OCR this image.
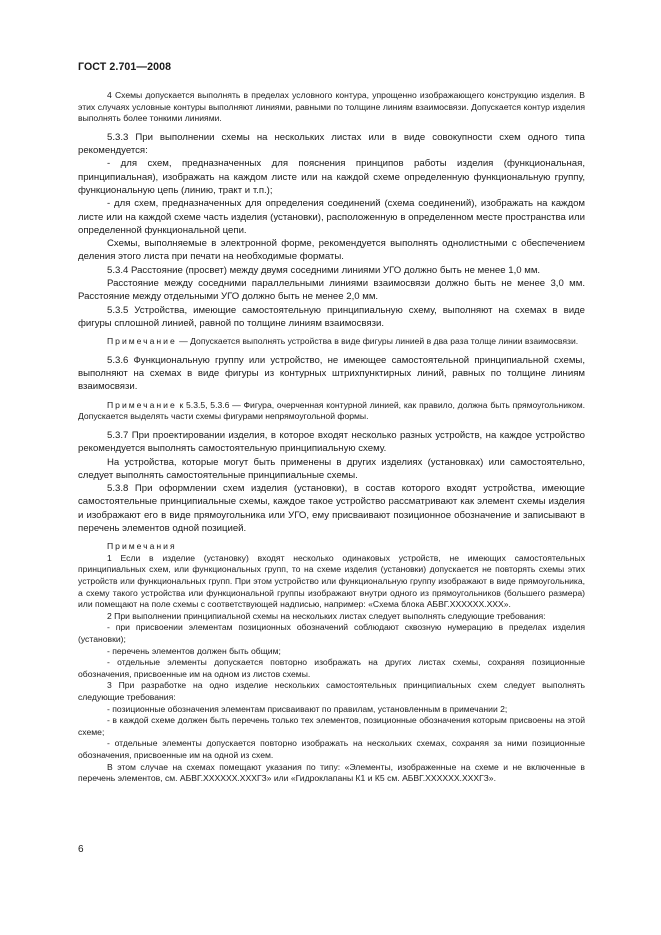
ГОСТ 2.701—2008

4 Схемы допускается выполнять в пределах условного контура, упрощенно изображающего конструкцию изделия. В этих случаях условные контуры выполняют линиями, равными по толщине линиям взаимосвязи. Допускается контур изделия выполнять более тонкими линиями.

5.3.3 При выполнении схемы на нескольких листах или в виде совокупности схем одного типа рекомендуется:

- для схем, предназначенных для пояснения принципов работы изделия (функциональная, принципиальная), изображать на каждом листе или на каждой схеме определенную функциональную группу, функциональную цепь (линию, тракт и т.п.);

- для схем, предназначенных для определения соединений (схема соединений), изображать на каждом листе или на каждой схеме часть изделия (установки), расположенную в определенном месте пространства или определенной функциональной цепи.

Схемы, выполняемые в электронной форме, рекомендуется выполнять однолистными с обеспечением деления этого листа при печати на необходимые форматы.

5.3.4 Расстояние (просвет) между двумя соседними линиями УГО должно быть не менее 1,0 мм.

Расстояние между соседними параллельными линиями взаимосвязи должно быть не менее 3,0 мм. Расстояние между отдельными УГО должно быть не менее 2,0 мм.

5.3.5 Устройства, имеющие самостоятельную принципиальную схему, выполняют на схемах в виде фигуры сплошной линией, равной по толщине линиям взаимосвязи.

Примечание — Допускается выполнять устройства в виде фигуры линией в два раза толще линии взаимосвязи.

5.3.6 Функциональную группу или устройство, не имеющее самостоятельной принципиальной схемы, выполняют на схемах в виде фигуры из контурных штрихпунктирных линий, равных по толщине линиям взаимосвязи.

Примечание к 5.3.5, 5.3.6 — Фигура, очерченная контурной линией, как правило, должна быть прямоугольником. Допускается выделять части схемы фигурами непрямоугольной формы.

5.3.7 При проектировании изделия, в которое входят несколько разных устройств, на каждое устройство рекомендуется выполнять самостоятельную принципиальную схему.

На устройства, которые могут быть применены в других изделиях (установках) или самостоятельно, следует выполнять самостоятельные принципиальные схемы.

5.3.8 При оформлении схем изделия (установки), в состав которого входят устройства, имеющие самостоятельные принципиальные схемы, каждое такое устройство рассматривают как элемент схемы изделия и изображают его в виде прямоугольника или УГО, ему присваивают позиционное обозначение и записывают в перечень элементов одной позицией.

Примечания

1 Если в изделие (установку) входят несколько одинаковых устройств, не имеющих самостоятельных принципиальных схем, или функциональных групп, то на схеме изделия (установки) допускается не повторять схемы этих устройств или функциональных групп. При этом устройство или функциональную группу изображают в виде прямоугольника, а схему такого устройства или функциональной группы изображают внутри одного из прямоугольников (большего размера) или помещают на поле схемы с соответствующей надписью, например: «Схема блока АБВГ.XXXXXX.XXX».

2 При выполнении принципиальной схемы на нескольких листах следует выполнять следующие требования:

- при присвоении элементам позиционных обозначений соблюдают сквозную нумерацию в пределах изделия (установки);

- перечень элементов должен быть общим;

- отдельные элементы допускается повторно изображать на других листах схемы, сохраняя позиционные обозначения, присвоенные им на одном из листов схемы.

3 При разработке на одно изделие нескольких самостоятельных принципиальных схем следует выполнять следующие требования:

- позиционные обозначения элементам присваивают по правилам, установленным в примечании 2;

- в каждой схеме должен быть перечень только тех элементов, позиционные обозначения которым присвоены на этой схеме;

- отдельные элементы допускается повторно изображать на нескольких схемах, сохраняя за ними позиционные обозначения, присвоенные им на одной из схем.

В этом случае на схемах помещают указания по типу: «Элементы, изображенные на схеме и не включенные в перечень элементов, см. АБВГ.XXXXXX.XXXГЗ» или «Гидроклапаны К1 и К5 см. АБВГ.XXXXXX.XXXГЗ».

6
